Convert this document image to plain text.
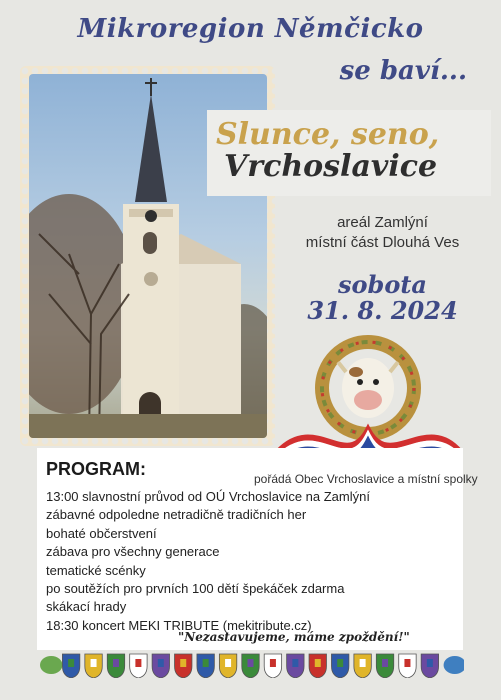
Mikroregion Němčicko
se baví...
Slunce, seno,
Vrchoslavice
areál Zamlýní
místní část Dlouhá Ves
sobota
31. 8. 2024
PROGRAM:	pořádá Obec Vrchoslavice a místní spolky
13:00 slavnostní průvod od OÚ Vrchoslavice na Zamlýní
zábavné odpoledne netradičně tradičních her
bohaté občerstvení
zábava pro všechny generace
tematické scénky
po soutěžích pro prvních 100 dětí špekáček zdarma
skákací hrady
18:30 koncert MEKI TRIBUTE (mekitribute.cz)
"Nezastavujeme, máme zpoždění!"
